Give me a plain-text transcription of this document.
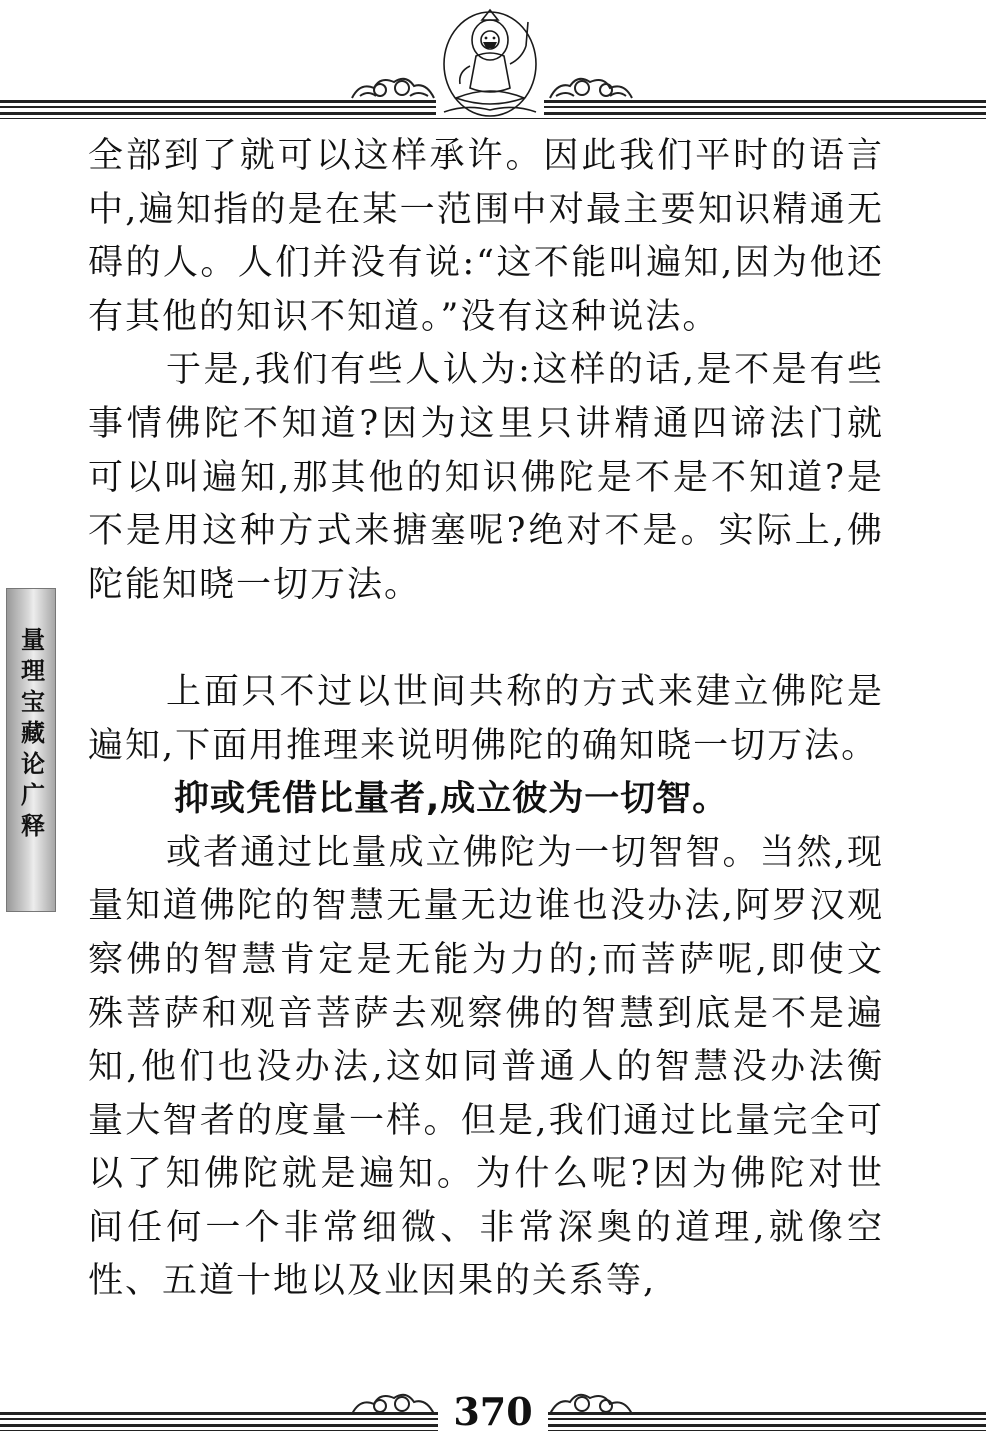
量理宝藏论广释

全部到了就可以这样承许。因此我们平时的语言中,遍知指的是在某一范围中对最主要知识精通无碍的人。人们并没有说:“这不能叫遍知,因为他还有其他的知识不知道。”没有这种说法。

于是,我们有些人认为:这样的话,是不是有些事情佛陀不知道?因为这里只讲精通四谛法门就可以叫遍知,那其他的知识佛陀是不是不知道?是不是用这种方式来搪塞呢?绝对不是。实际上,佛陀能知晓一切万法。

上面只不过以世间共称的方式来建立佛陀是遍知,下面用推理来说明佛陀的确知晓一切万法。

抑或凭借比量者,成立彼为一切智。

或者通过比量成立佛陀为一切智智。当然,现量知道佛陀的智慧无量无边谁也没办法,阿罗汉观察佛的智慧肯定是无能为力的;而菩萨呢,即使文殊菩萨和观音菩萨去观察佛的智慧到底是不是遍知,他们也没办法,这如同普通人的智慧没办法衡量大智者的度量一样。但是,我们通过比量完全可以了知佛陀就是遍知。为什么呢?因为佛陀对世间任何一个非常细微、非常深奥的道理,就像空性、五道十地以及业因果的关系等,

370
